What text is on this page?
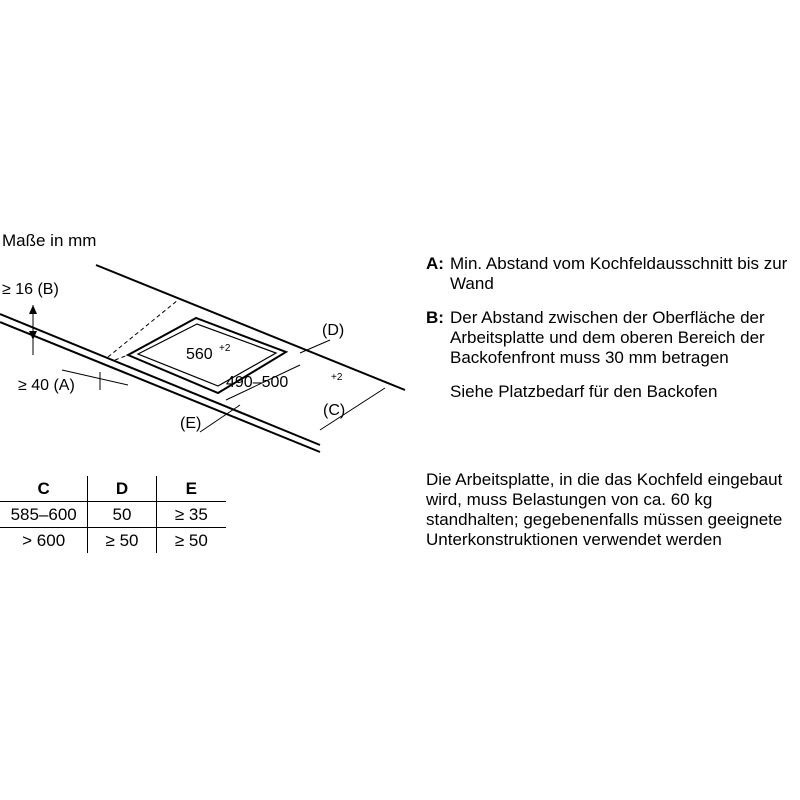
Maße in mm
≥ 16 (B)
≥ 40 (A)
(E)
(D)
(C)
560 +2
490–500	+2
C	D	E
585–600	50	≥ 35
> 600	≥ 50	≥ 50
A: Min. Abstand vom Kochfeldausschnitt bis zur Wand
B: Der Abstand zwischen der Oberfläche der Arbeitsplatte und dem oberen Bereich der Backofenfront muss 30 mm betragen
Siehe Platzbedarf für den Backofen
Die Arbeitsplatte, in die das Kochfeld eingebaut wird, muss Belastungen von ca. 60 kg standhalten; gegebenenfalls müssen geeignete Unterkonstruktionen verwendet werden
